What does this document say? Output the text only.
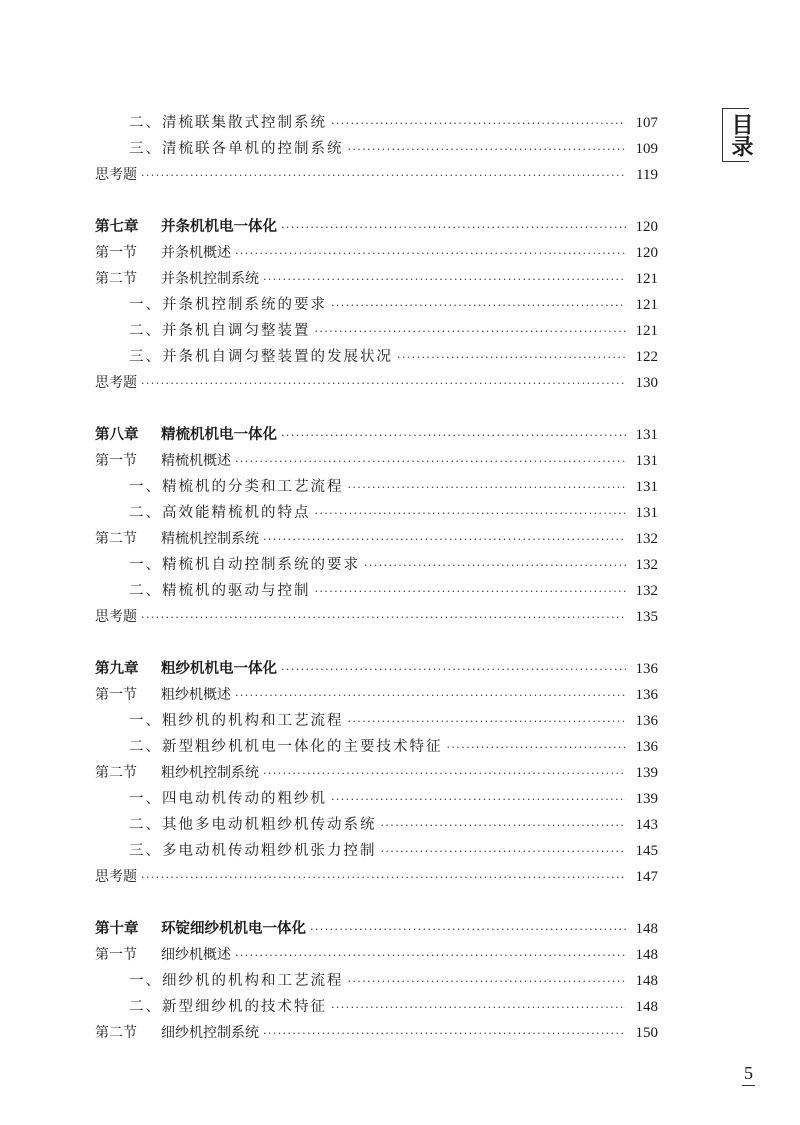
二、清梳联集散式控制系统 ·····	107
三、清梳联各单机的控制系统 ·····	109
思考题 ·····	119
第七章 并条机机电一体化 ·····	120
第一节 并条机概述 ·····	120
第二节 并条机控制系统 ·····	121
一、并条机控制系统的要求 ·····	121
二、并条机自调匀整装置 ·····	121
三、并条机自调匀整装置的发展状况 ·····	122
思考题 ·····	130
第八章 精梳机机电一体化 ·····	131
第一节 精梳机概述 ·····	131
一、精梳机的分类和工艺流程 ·····	131
二、高效能精梳机的特点 ·····	131
第二节 精梳机控制系统 ·····	132
一、精梳机自动控制系统的要求 ·····	132
二、精梳机的驱动与控制 ·····	132
思考题 ·····	135
第九章 粗纱机机电一体化 ·····	136
第一节 粗纱机概述 ·····	136
一、粗纱机的机构和工艺流程 ·····	136
二、新型粗纱机机电一体化的主要技术特征 ·····	136
第二节 粗纱机控制系统 ·····	139
一、四电动机传动的粗纱机 ·····	139
二、其他多电动机粗纱机传动系统 ·····	143
三、多电动机传动粗纱机张力控制 ·····	145
思考题 ·····	147
第十章 环锭细纱机机电一体化 ·····	148
第一节 细纱机概述 ·····	148
一、细纱机的机构和工艺流程 ·····	148
二、新型细纱机的技术特征 ·····	148
第二节 细纱机控制系统 ·····	150
目录
5
